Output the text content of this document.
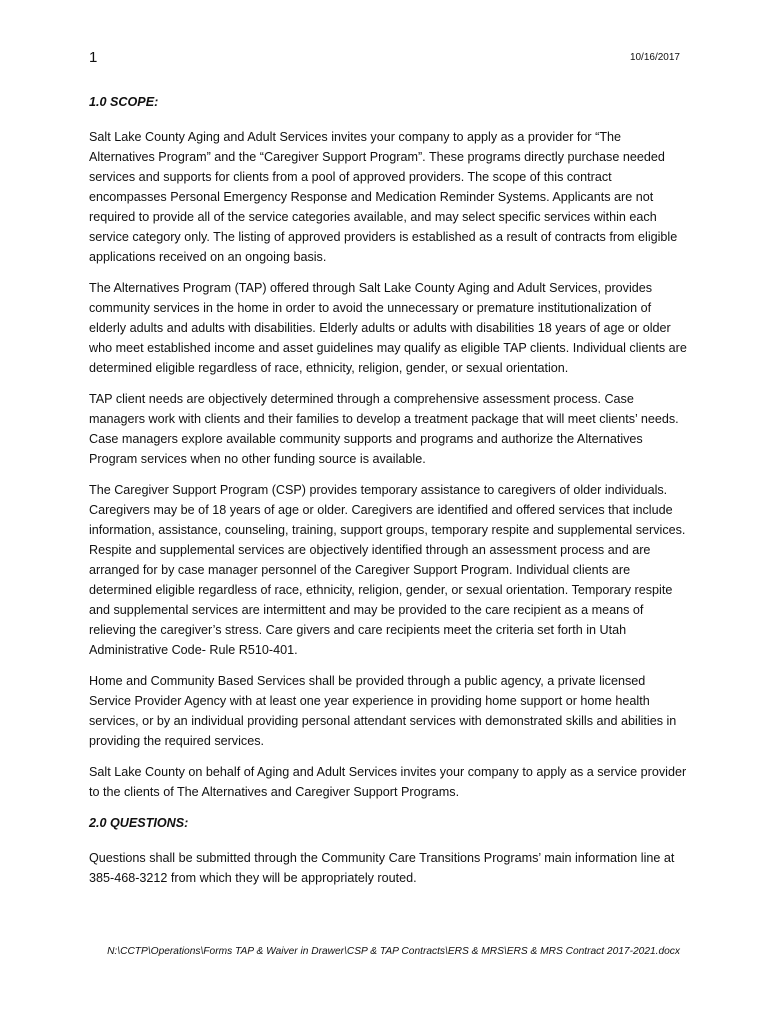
1	10/16/2017
1.0 SCOPE:

Salt Lake County Aging and Adult Services invites your company to apply as a provider for “The Alternatives Program” and the “Caregiver Support Program”. These programs directly purchase needed services and supports for clients from a pool of approved providers. The scope of this contract encompasses Personal Emergency Response and Medication Reminder Systems. Applicants are not required to provide all of the service categories available, and may select specific services within each service category only. The listing of approved providers is established as a result of contracts from eligible applications received on an ongoing basis.

The Alternatives Program (TAP) offered through Salt Lake County Aging and Adult Services, provides community services in the home in order to avoid the unnecessary or premature institutionalization of elderly adults and adults with disabilities. Elderly adults or adults with disabilities 18 years of age or older who meet established income and asset guidelines may qualify as eligible TAP clients. Individual clients are determined eligible regardless of race, ethnicity, religion, gender, or sexual orientation.

TAP client needs are objectively determined through a comprehensive assessment process. Case managers work with clients and their families to develop a treatment package that will meet clients’ needs. Case managers explore available community supports and programs and authorize the Alternatives Program services when no other funding source is available.

The Caregiver Support Program (CSP) provides temporary assistance to caregivers of older individuals. Caregivers may be of 18 years of age or older. Caregivers are identified and offered services that include information, assistance, counseling, training, support groups, temporary respite and supplemental services. Respite and supplemental services are objectively identified through an assessment process and are arranged for by case manager personnel of the Caregiver Support Program. Individual clients are determined eligible regardless of race, ethnicity, religion, gender, or sexual orientation. Temporary respite and supplemental services are intermittent and may be provided to the care recipient as a means of relieving the caregiver’s stress. Care givers and care recipients meet the criteria set forth in Utah Administrative Code- Rule R510-401.

Home and Community Based Services shall be provided through a public agency, a private licensed Service Provider Agency with at least one year experience in providing home support or home health services, or by an individual providing personal attendant services with demonstrated skills and abilities in providing the required services.

Salt Lake County on behalf of Aging and Adult Services invites your company to apply as a service provider to the clients of The Alternatives and Caregiver Support Programs.

2.0 QUESTIONS:

Questions shall be submitted through the Community Care Transitions Programs’ main information line at 385-468-3212 from which they will be appropriately routed.

N:\CCTP\Operations\Forms TAP & Waiver in Drawer\CSP & TAP Contracts\ERS & MRS\ERS & MRS Contract 2017-2021.docx
